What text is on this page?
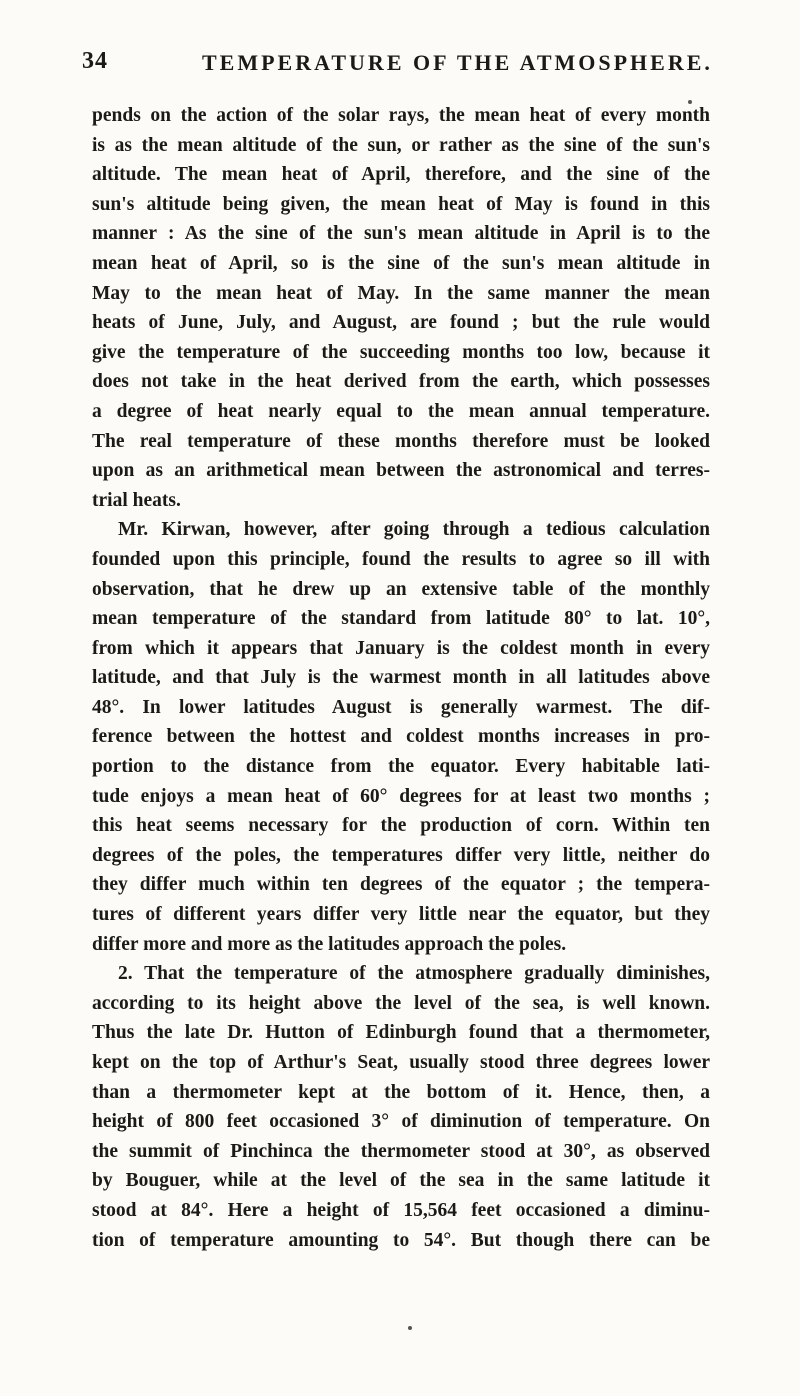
34	TEMPERATURE OF THE ATMOSPHERE.
pends on the action of the solar rays, the mean heat of every month
is as the mean altitude of the sun, or rather as the sine of the sun's
altitude. The mean heat of April, therefore, and the sine of the
sun's altitude being given, the mean heat of May is found in this
manner : As the sine of the sun's mean altitude in April is to the
mean heat of April, so is the sine of the sun's mean altitude in
May to the mean heat of May. In the same manner the mean
heats of June, July, and August, are found ; but the rule would
give the temperature of the succeeding months too low, because it
does not take in the heat derived from the earth, which possesses
a degree of heat nearly equal to the mean annual temperature.
The real temperature of these months therefore must be looked
upon as an arithmetical mean between the astronomical and terres-
trial heats.
Mr. Kirwan, however, after going through a tedious calculation
founded upon this principle, found the results to agree so ill with
observation, that he drew up an extensive table of the monthly
mean temperature of the standard from latitude 80° to lat. 10°,
from which it appears that January is the coldest month in every
latitude, and that July is the warmest month in all latitudes above
48°. In lower latitudes August is generally warmest. The dif-
ference between the hottest and coldest months increases in pro-
portion to the distance from the equator. Every habitable lati-
tude enjoys a mean heat of 60° degrees for at least two months ;
this heat seems necessary for the production of corn. Within ten
degrees of the poles, the temperatures differ very little, neither do
they differ much within ten degrees of the equator ; the tempera-
tures of different years differ very little near the equator, but they
differ more and more as the latitudes approach the poles.
2. That the temperature of the atmosphere gradually diminishes,
according to its height above the level of the sea, is well known.
Thus the late Dr. Hutton of Edinburgh found that a thermometer,
kept on the top of Arthur's Seat, usually stood three degrees lower
than a thermometer kept at the bottom of it. Hence, then, a
height of 800 feet occasioned 3° of diminution of temperature. On
the summit of Pinchinca the thermometer stood at 30°, as observed
by Bouguer, while at the level of the sea in the same latitude it
stood at 84°. Here a height of 15,564 feet occasioned a diminu-
tion of temperature amounting to 54°. But though there can be
